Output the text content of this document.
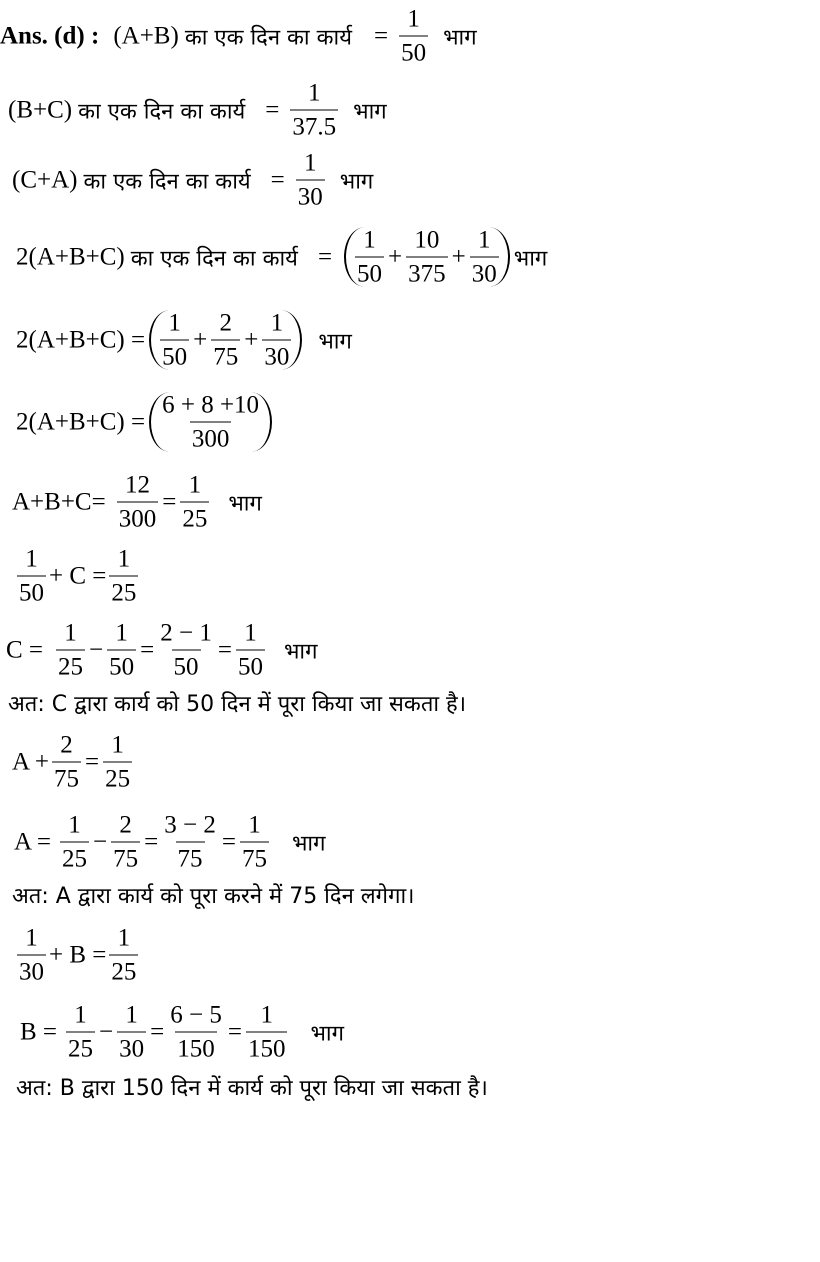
Ans. (d) : (A+B) का एक दिन का कार्य = $\frac{1}{50}$ भाग
(B+C) का एक दिन का कार्य = $\frac{1}{37.5}$ भाग
(C+A) का एक दिन का कार्य = $\frac{1}{30}$ भाग
2(A+B+C) का एक दिन का कार्य = $\frac{1}{50} + \frac{10}{375} + \frac{1}{30}$ भाग
$2(A+B+C) = \frac{1}{50} + \frac{2}{75} + \frac{1}{30}$ भाग
$2(A+B+C) = \frac{6 + 8 +10}{300}$
$A+B+C= \frac{12}{300} = \frac{1}{25}$ भाग
$\frac{1}{50} + C = \frac{1}{25}$
$C = \frac{1}{25} - \frac{1}{50} = \frac{2 - 1}{50} = \frac{1}{50}$ भाग
अत: C द्वारा कार्य को 50 दिन में पूरा किया जा सकता है।
$A + \frac{2}{75} = \frac{1}{25}$
$A = \frac{1}{25} - \frac{2}{75} = \frac{3 - 2}{75} = \frac{1}{75}$ भाग
अत: A द्वारा कार्य को पूरा करने में 75 दिन लगेगा।
$\frac{1}{30} + B = \frac{1}{25}$
$B = \frac{1}{25} - \frac{1}{30} = \frac{6 - 5}{150} = \frac{1}{150}$ भाग
अत: B द्वारा 150 दिन में कार्य को पूरा किया जा सकता है।
